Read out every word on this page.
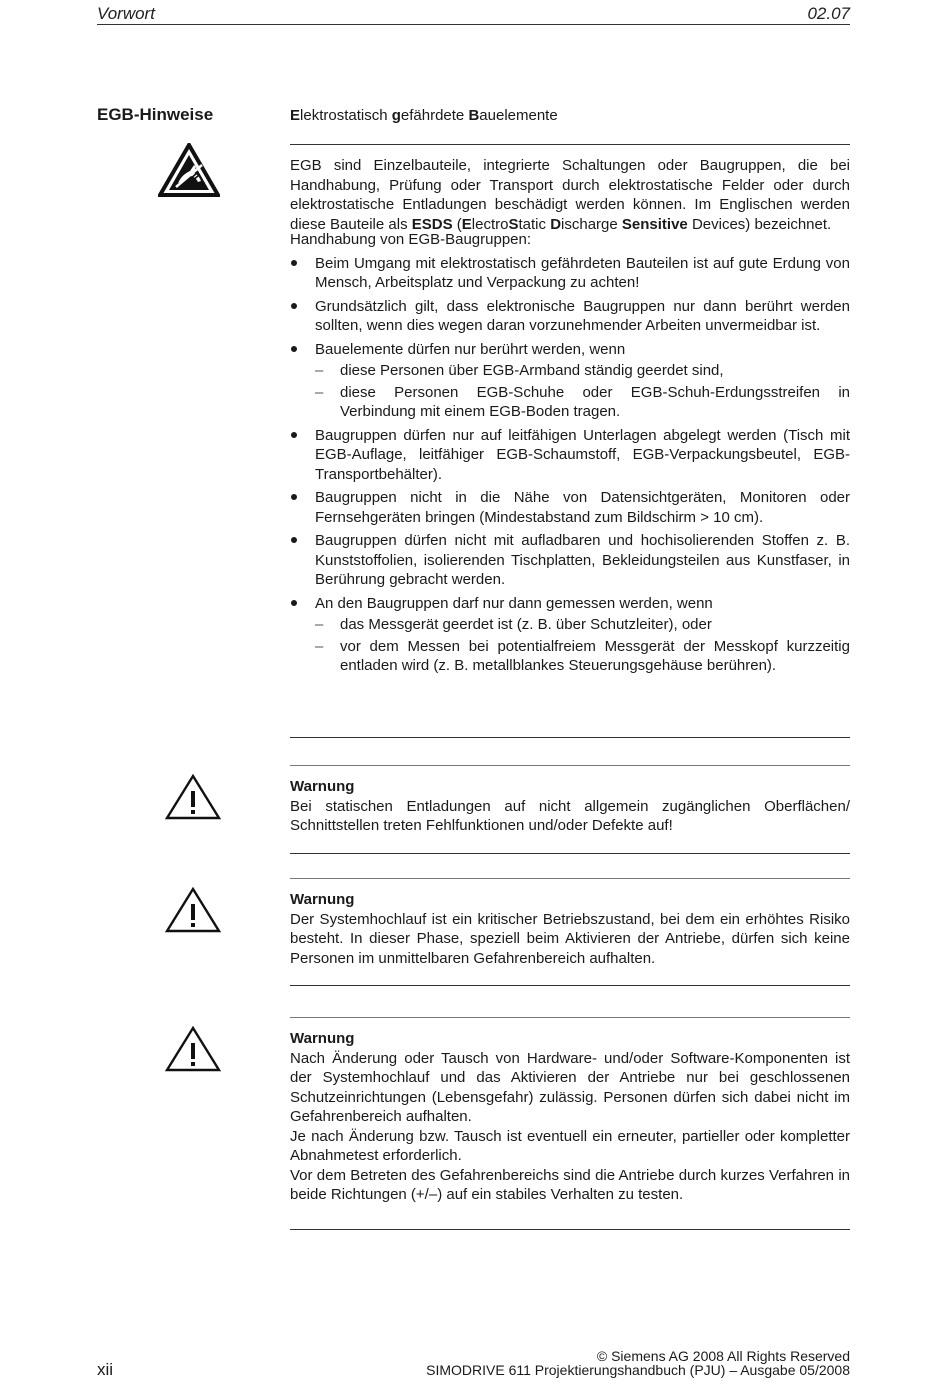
Vorwort	02.07
EGB-Hinweise	Elektrostatisch gefährdete Bauelemente

EGB sind Einzelbauteile, integrierte Schaltungen oder Baugruppen, die bei Handhabung, Prüfung oder Transport durch elektrostatische Felder oder durch elektrostatische Entladungen beschädigt werden können. Im Englischen werden diese Bauteile als ESDS (ElectroStatic Discharge Sensitive Devices) bezeichnet.

Handhabung von EGB-Baugruppen:

Beim Umgang mit elektrostatisch gefährdeten Bauteilen ist auf gute Erdung von Mensch, Arbeitsplatz und Verpackung zu achten!
Grundsätzlich gilt, dass elektronische Baugruppen nur dann berührt werden sollten, wenn dies wegen daran vorzunehmender Arbeiten unvermeidbar ist.
Bauelemente dürfen nur berührt werden, wenn
– diese Personen über EGB-Armband ständig geerdet sind,
– diese Personen EGB-Schuhe oder EGB-Schuh-Erdungsstreifen in Verbindung mit einem EGB-Boden tragen.
Baugruppen dürfen nur auf leitfähigen Unterlagen abgelegt werden (Tisch mit EGB-Auflage, leitfähiger EGB-Schaumstoff, EGB-Verpackungsbeutel, EGB-Transportbehälter).
Baugruppen nicht in die Nähe von Datensichtgeräten, Monitoren oder Fernsehgeräten bringen (Mindestabstand zum Bildschirm > 10 cm).
Baugruppen dürfen nicht mit aufladbaren und hochisolierenden Stoffen z. B. Kunststoffolien, isolierenden Tischplatten, Bekleidungsteilen aus Kunstfaser, in Berührung gebracht werden.
An den Baugruppen darf nur dann gemessen werden, wenn
– das Messgerät geerdet ist (z. B. über Schutzleiter), oder
– vor dem Messen bei potentialfreiem Messgerät der Messkopf kurzzeitig entladen wird (z. B. metallblankes Steuerungsgehäuse berühren).

Warnung

Bei statischen Entladungen auf nicht allgemein zugänglichen Oberflächen/ Schnittstellen treten Fehlfunktionen und/oder Defekte auf!

Warnung

Der Systemhochlauf ist ein kritischer Betriebszustand, bei dem ein erhöhtes Risiko besteht. In dieser Phase, speziell beim Aktivieren der Antriebe, dürfen sich keine Personen im unmittelbaren Gefahrenbereich aufhalten.

Warnung

Nach Änderung oder Tausch von Hardware- und/oder Software-Komponenten ist der Systemhochlauf und das Aktivieren der Antriebe nur bei geschlossenen Schutzeinrichtungen (Lebensgefahr) zulässig. Personen dürfen sich dabei nicht im Gefahrenbereich aufhalten.

Je nach Änderung bzw. Tausch ist eventuell ein erneuter, partieller oder kompletter Abnahmetest erforderlich.

Vor dem Betreten des Gefahrenbereichs sind die Antriebe durch kurzes Verfahren in beide Richtungen (+/–) auf ein stabiles Verhalten zu testen.

© Siemens AG 2008 All Rights Reserved
SIMODRIVE 611 Projektierungshandbuch (PJU) – Ausgabe 05/2008
xii
